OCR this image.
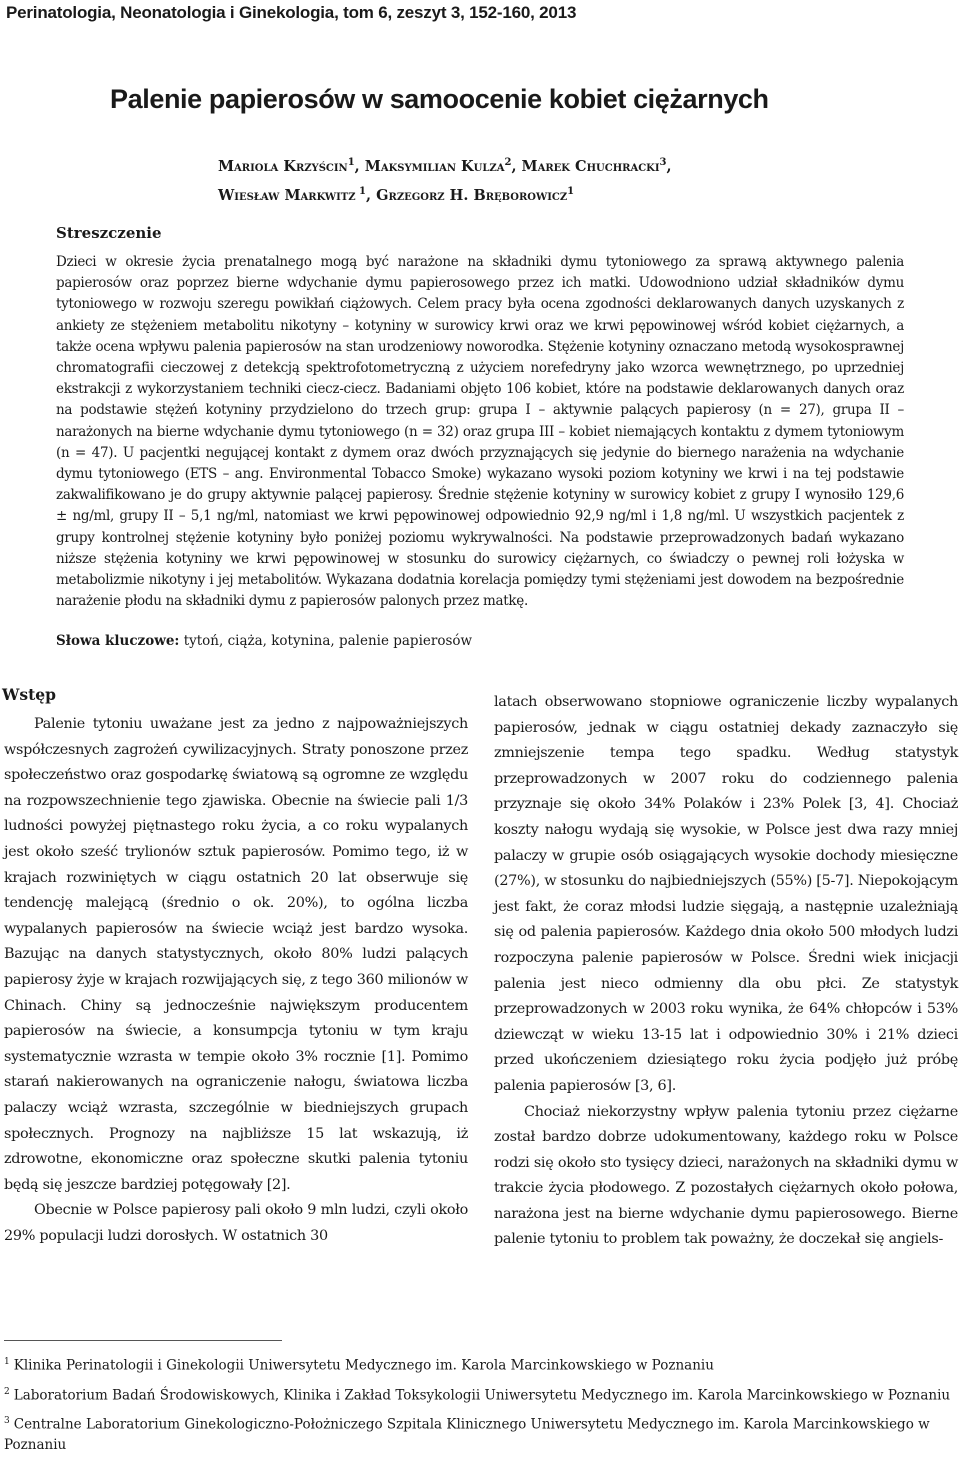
Perinatologia, Neonatologia i Ginekologia, tom 6, zeszyt 3, 152-160, 2013
Palenie papierosów w samoocenie kobiet ciężarnych
Mariola Krzyścin$^1$, Maksymilian Kulza$^2$, Marek Chuchracki$^3$,
Wiesław Markwitz $^1$, Grzegorz H. Bręborowicz$^1$
Streszczenie
Dzieci w okresie życia prenatalnego mogą być narażone na składniki dymu tytoniowego za sprawą aktywnego palenia papierosów oraz poprzez bierne wdychanie dymu papierosowego przez ich matki. Udowodniono udział składników dymu tytoniowego w rozwoju szeregu powikłań ciążowych. Celem pracy była ocena zgodności deklarowanych danych uzyskanych z ankiety ze stężeniem metabolitu nikotyny – kotyniny w surowicy krwi oraz we krwi pępowinowej wśród kobiet ciężarnych, a także ocena wpływu palenia papierosów na stan urodzeniowy noworodka. Stężenie kotyniny oznaczano metodą wysokosprawnej chromatografii cieczowej z detekcją spektrofotometryczną z użyciem norefedryny jako wzorca wewnętrznego, po uprzedniej ekstrakcji z wykorzystaniem techniki ciecz-ciecz. Badaniami objęto 106 kobiet, które na podstawie deklarowanych danych oraz na podstawie stężeń kotyniny przydzielono do trzech grup: grupa I – aktywnie palących papierosy (n = 27), grupa II – narażonych na bierne wdychanie dymu tytoniowego (n = 32) oraz grupa III – kobiet niemających kontaktu z dymem tytoniowym (n = 47). U pacjentki negującej kontakt z dymem oraz dwóch przyznających się jedynie do biernego narażenia na wdychanie dymu tytoniowego (ETS – ang. Environmental Tobacco Smoke) wykazano wysoki poziom kotyniny we krwi i na tej podstawie zakwalifikowano je do grupy aktywnie palącej papierosy. Średnie stężenie kotyniny w surowicy kobiet z grupy I wynosiło 129,6 ± ng/ml, grupy II – 5,1 ng/ml, natomiast we krwi pępowinowej odpowiednio 92,9 ng/ml i 1,8 ng/ml. U wszystkich pacjentek z grupy kontrolnej stężenie kotyniny było poniżej poziomu wykrywalności. Na podstawie przeprowadzonych badań wykazano niższe stężenia kotyniny we krwi pępowinowej w stosunku do surowicy ciężarnych, co świadczy o pewnej roli łożyska w metabolizmie nikotyny i jej metabolitów. Wykazana dodatnia korelacja pomiędzy tymi stężeniami jest dowodem na bezpośrednie narażenie płodu na składniki dymu z papierosów palonych przez matkę.
Słowa kluczowe: tytoń, ciąża, kotynina, palenie papierosów
Wstęp

Palenie tytoniu uważane jest za jedno z najpoważniejszych współczesnych zagrożeń cywilizacyjnych. Straty ponoszone przez społeczeństwo oraz gospodarkę światową są ogromne ze względu na rozpowszechnienie tego zjawiska. Obecnie na świecie pali 1/3 ludności powyżej piętnastego roku życia, a co roku wypalanych jest około sześć trylionów sztuk papierosów. Pomimo tego, iż w krajach rozwiniętych w ciągu ostatnich 20 lat obserwuje się tendencję malejącą (średnio o ok. 20%), to ogólna liczba wypalanych papierosów na świecie wciąż jest bardzo wysoka. Bazując na danych statystycznych, około 80% ludzi palących papierosy żyje w krajach rozwijających się, z tego 360 milionów w Chinach. Chiny są jednocześnie największym producentem papierosów na świecie, a konsumpcja tytoniu w tym kraju systematycznie wzrasta w tempie około 3% rocznie [1]. Pomimo starań nakierowanych na ograniczenie nałogu, światowa liczba palaczy wciąż wzrasta, szczególnie w biedniejszych grupach społecznych. Prognozy na najbliższe 15 lat wskazują, iż zdrowotne, ekonomiczne oraz społeczne skutki palenia tytoniu będą się jeszcze bardziej potęgowały [2].

Obecnie w Polsce papierosy pali około 9 mln ludzi, czyli około 29% populacji ludzi dorosłych. W ostatnich 30

latach obserwowano stopniowe ograniczenie liczby wypalanych papierosów, jednak w ciągu ostatniej dekady zaznaczyło się zmniejszenie tempa tego spadku. Według statystyk przeprowadzonych w 2007 roku do codziennego palenia przyznaje się około 34% Polaków i 23% Polek [3, 4]. Chociaż koszty nałogu wydają się wysokie, w Polsce jest dwa razy mniej palaczy w grupie osób osiągających wysokie dochody miesięczne (27%), w stosunku do najbiedniejszych (55%) [5-7]. Niepokojącym jest fakt, że coraz młodsi ludzie sięgają, a następnie uzależniają się od palenia papierosów. Każdego dnia około 500 młodych ludzi rozpoczyna palenie papierosów w Polsce. Średni wiek inicjacji palenia jest nieco odmienny dla obu płci. Ze statystyk przeprowadzonych w 2003 roku wynika, że 64% chłopców i 53% dziewcząt w wieku 13-15 lat i odpowiednio 30% i 21% dzieci przed ukończeniem dziesiątego roku życia podjęło już próbę palenia papierosów [3, 6].

Chociaż niekorzystny wpływ palenia tytoniu przez ciężarne został bardzo dobrze udokumentowany, każdego roku w Polsce rodzi się około sto tysięcy dzieci, narażonych na składniki dymu w trakcie życia płodowego. Z pozostałych ciężarnych około połowa, narażona jest na bierne wdychanie dymu papierosowego. Bierne palenie tytoniu to problem tak poważny, że doczekał się angiels-

$^1$ Klinika Perinatologii i Ginekologii Uniwersytetu Medycznego im. Karola Marcinkowskiego w Poznaniu
$^2$ Laboratorium Badań Środowiskowych, Klinika i Zakład Toksykologii Uniwersytetu Medycznego im. Karola Marcinkowskiego w Poznaniu
$^3$ Centralne Laboratorium Ginekologiczno-Położniczego Szpitala Klinicznego Uniwersytetu Medycznego im. Karola Marcinkowskiego w Poznaniu
